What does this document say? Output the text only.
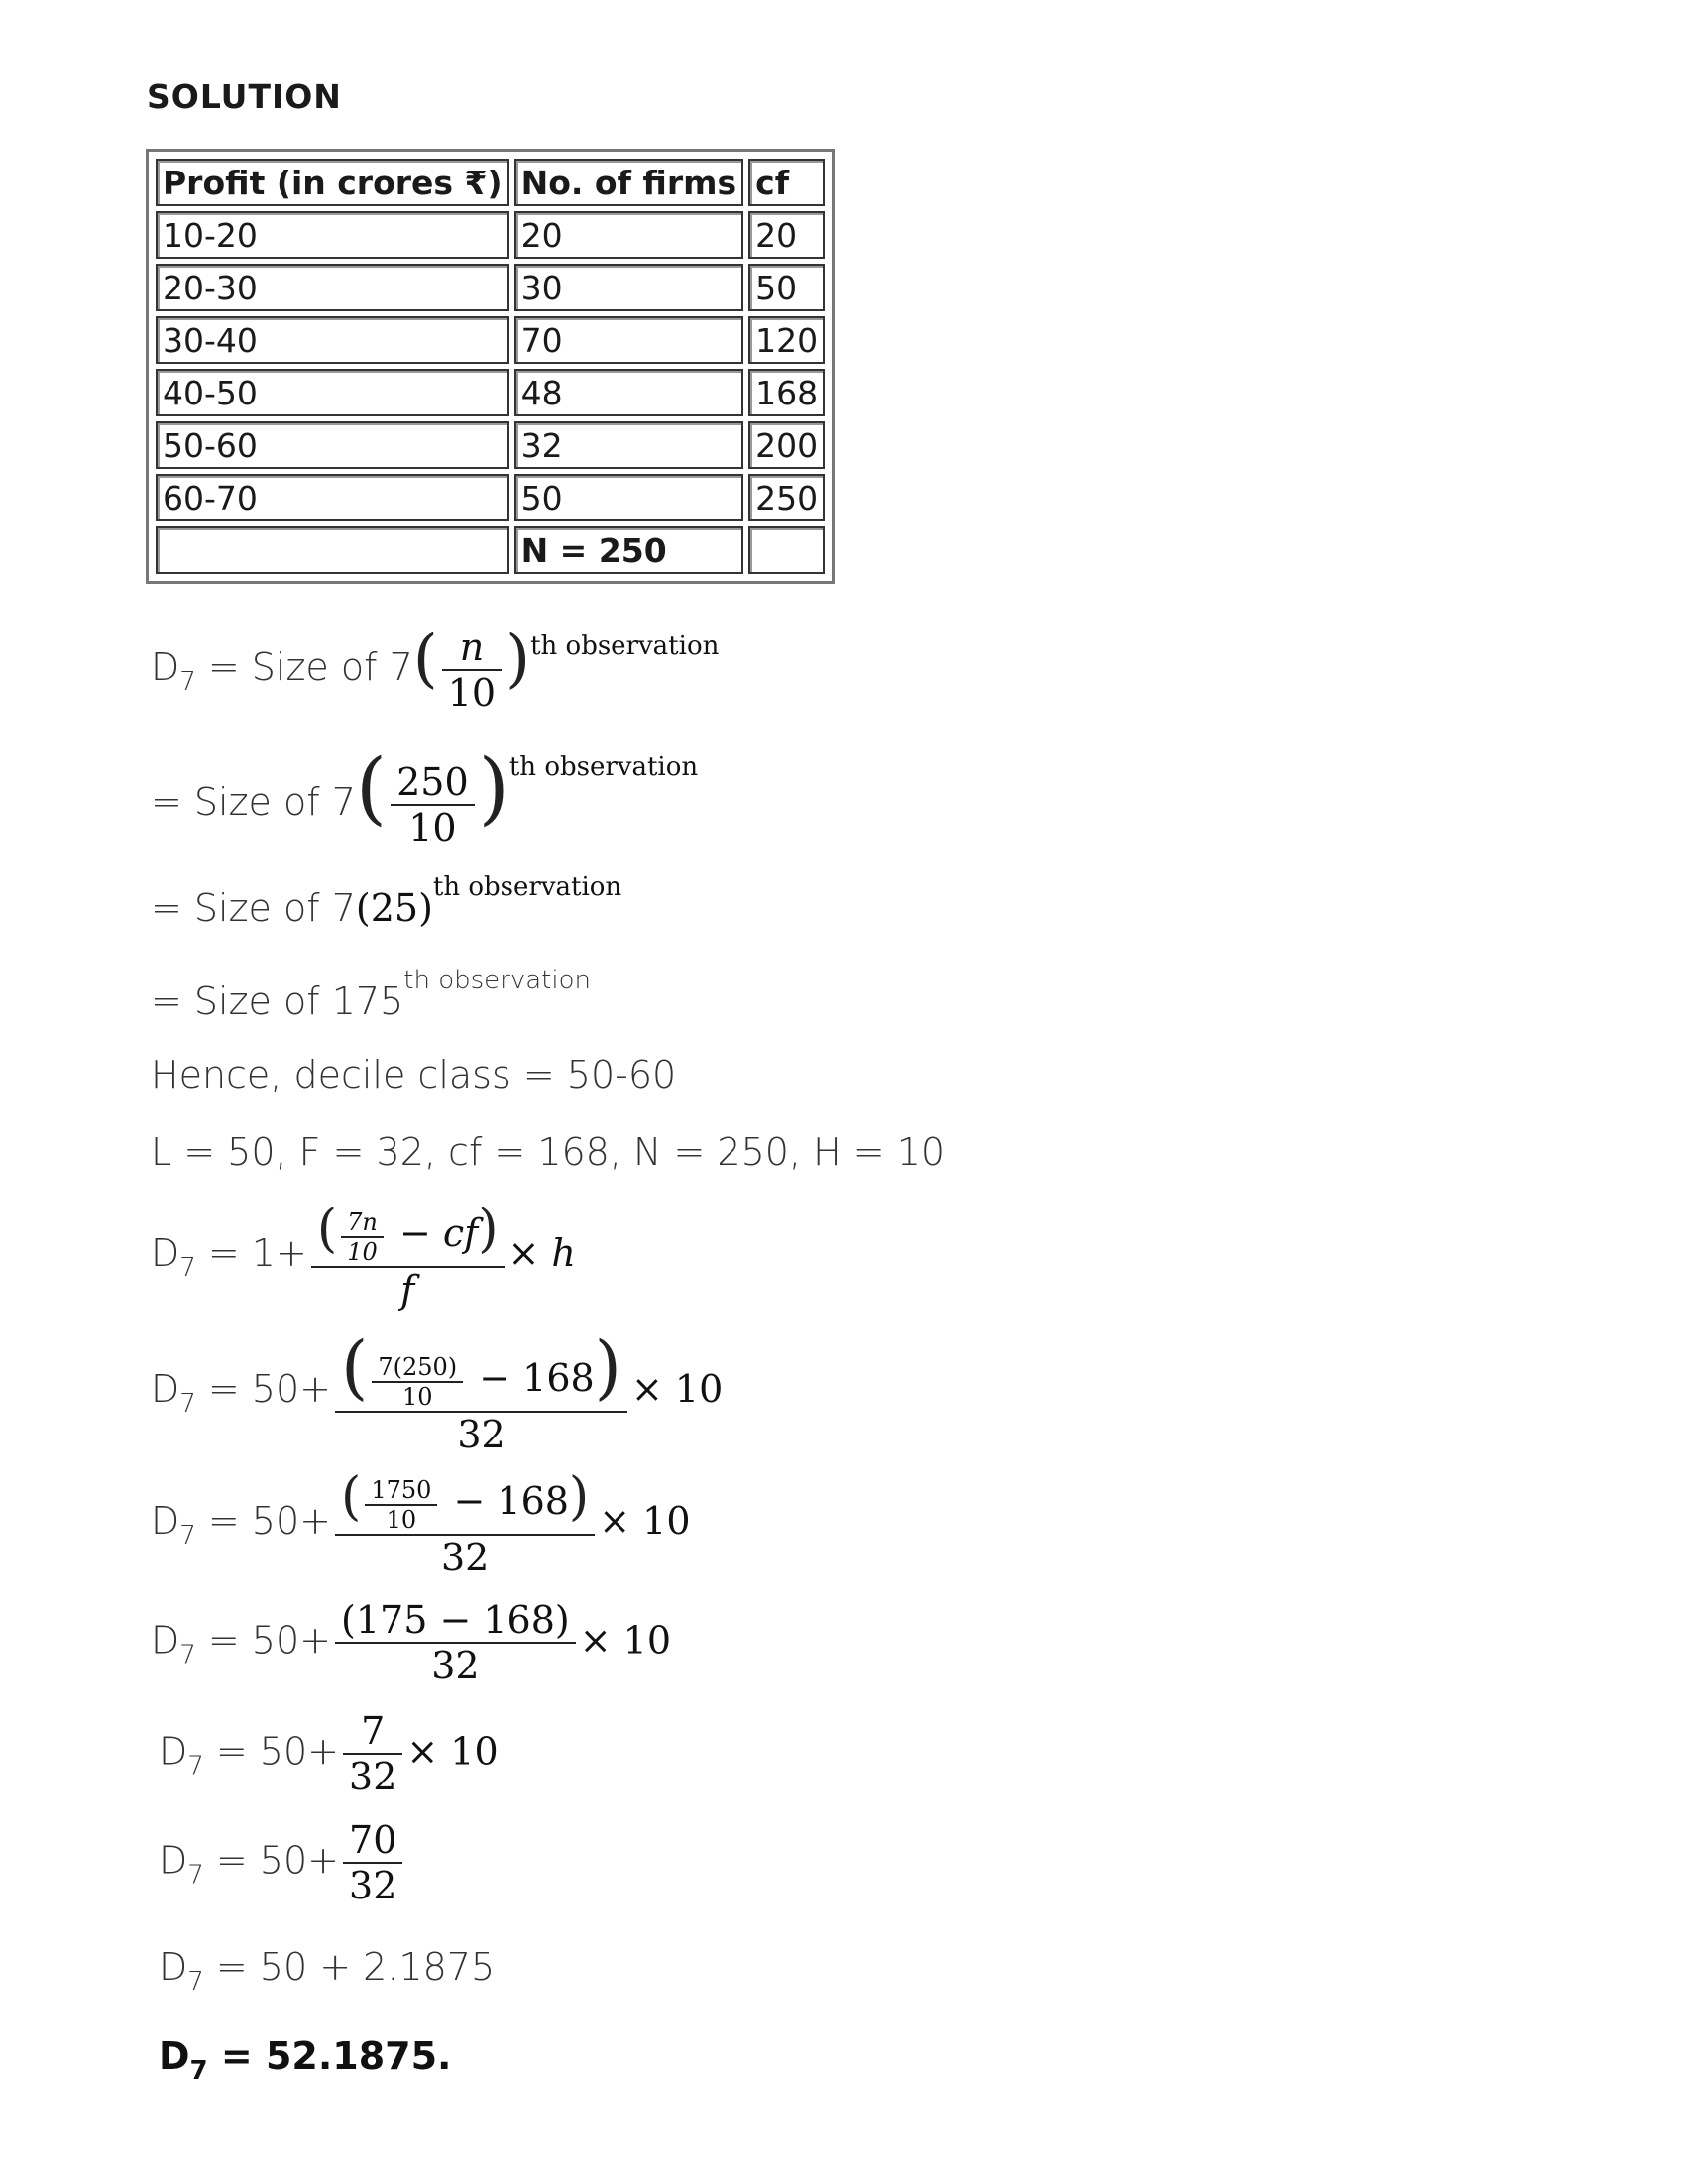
SOLUTION
Profit (in crores ₹)	No. of firms	cf
10-20	20	20
20-30	30	50
30-40	70	120
40-50	48	168
50-60	32	200
60-70	50	250
	N = 250	
$D_7$ = Size of $7( \frac{n}{10} )^{th observation}$
= Size of $7( \frac{250}{10} )^{th observation}$
= Size of $7(25)^{th observation}$
= Size of $175^{th observation}$
Hence, decile class = 50-60
L = 50, F = 32, cf = 168, N = 250, H = 10
$D_7 = 1+ \frac{( \frac{7n}{10} - cf)}{f} \times h$
$D_7 = 50+ \frac{( \frac{7(250)}{10} - 168)}{32} \times 10$
$D_7 = 50+ \frac{( \frac{1750}{10} - 168)}{32} \times 10$
$D_7 = 50+ \frac{(175 - 168)}{32} \times 10$
$D_7 = 50+ \frac{7}{32} \times 10$
$D_7 = 50+ \frac{70}{32}$
$D_7 = 50 + 2.1875$
$D_7 = 52.1875$.
